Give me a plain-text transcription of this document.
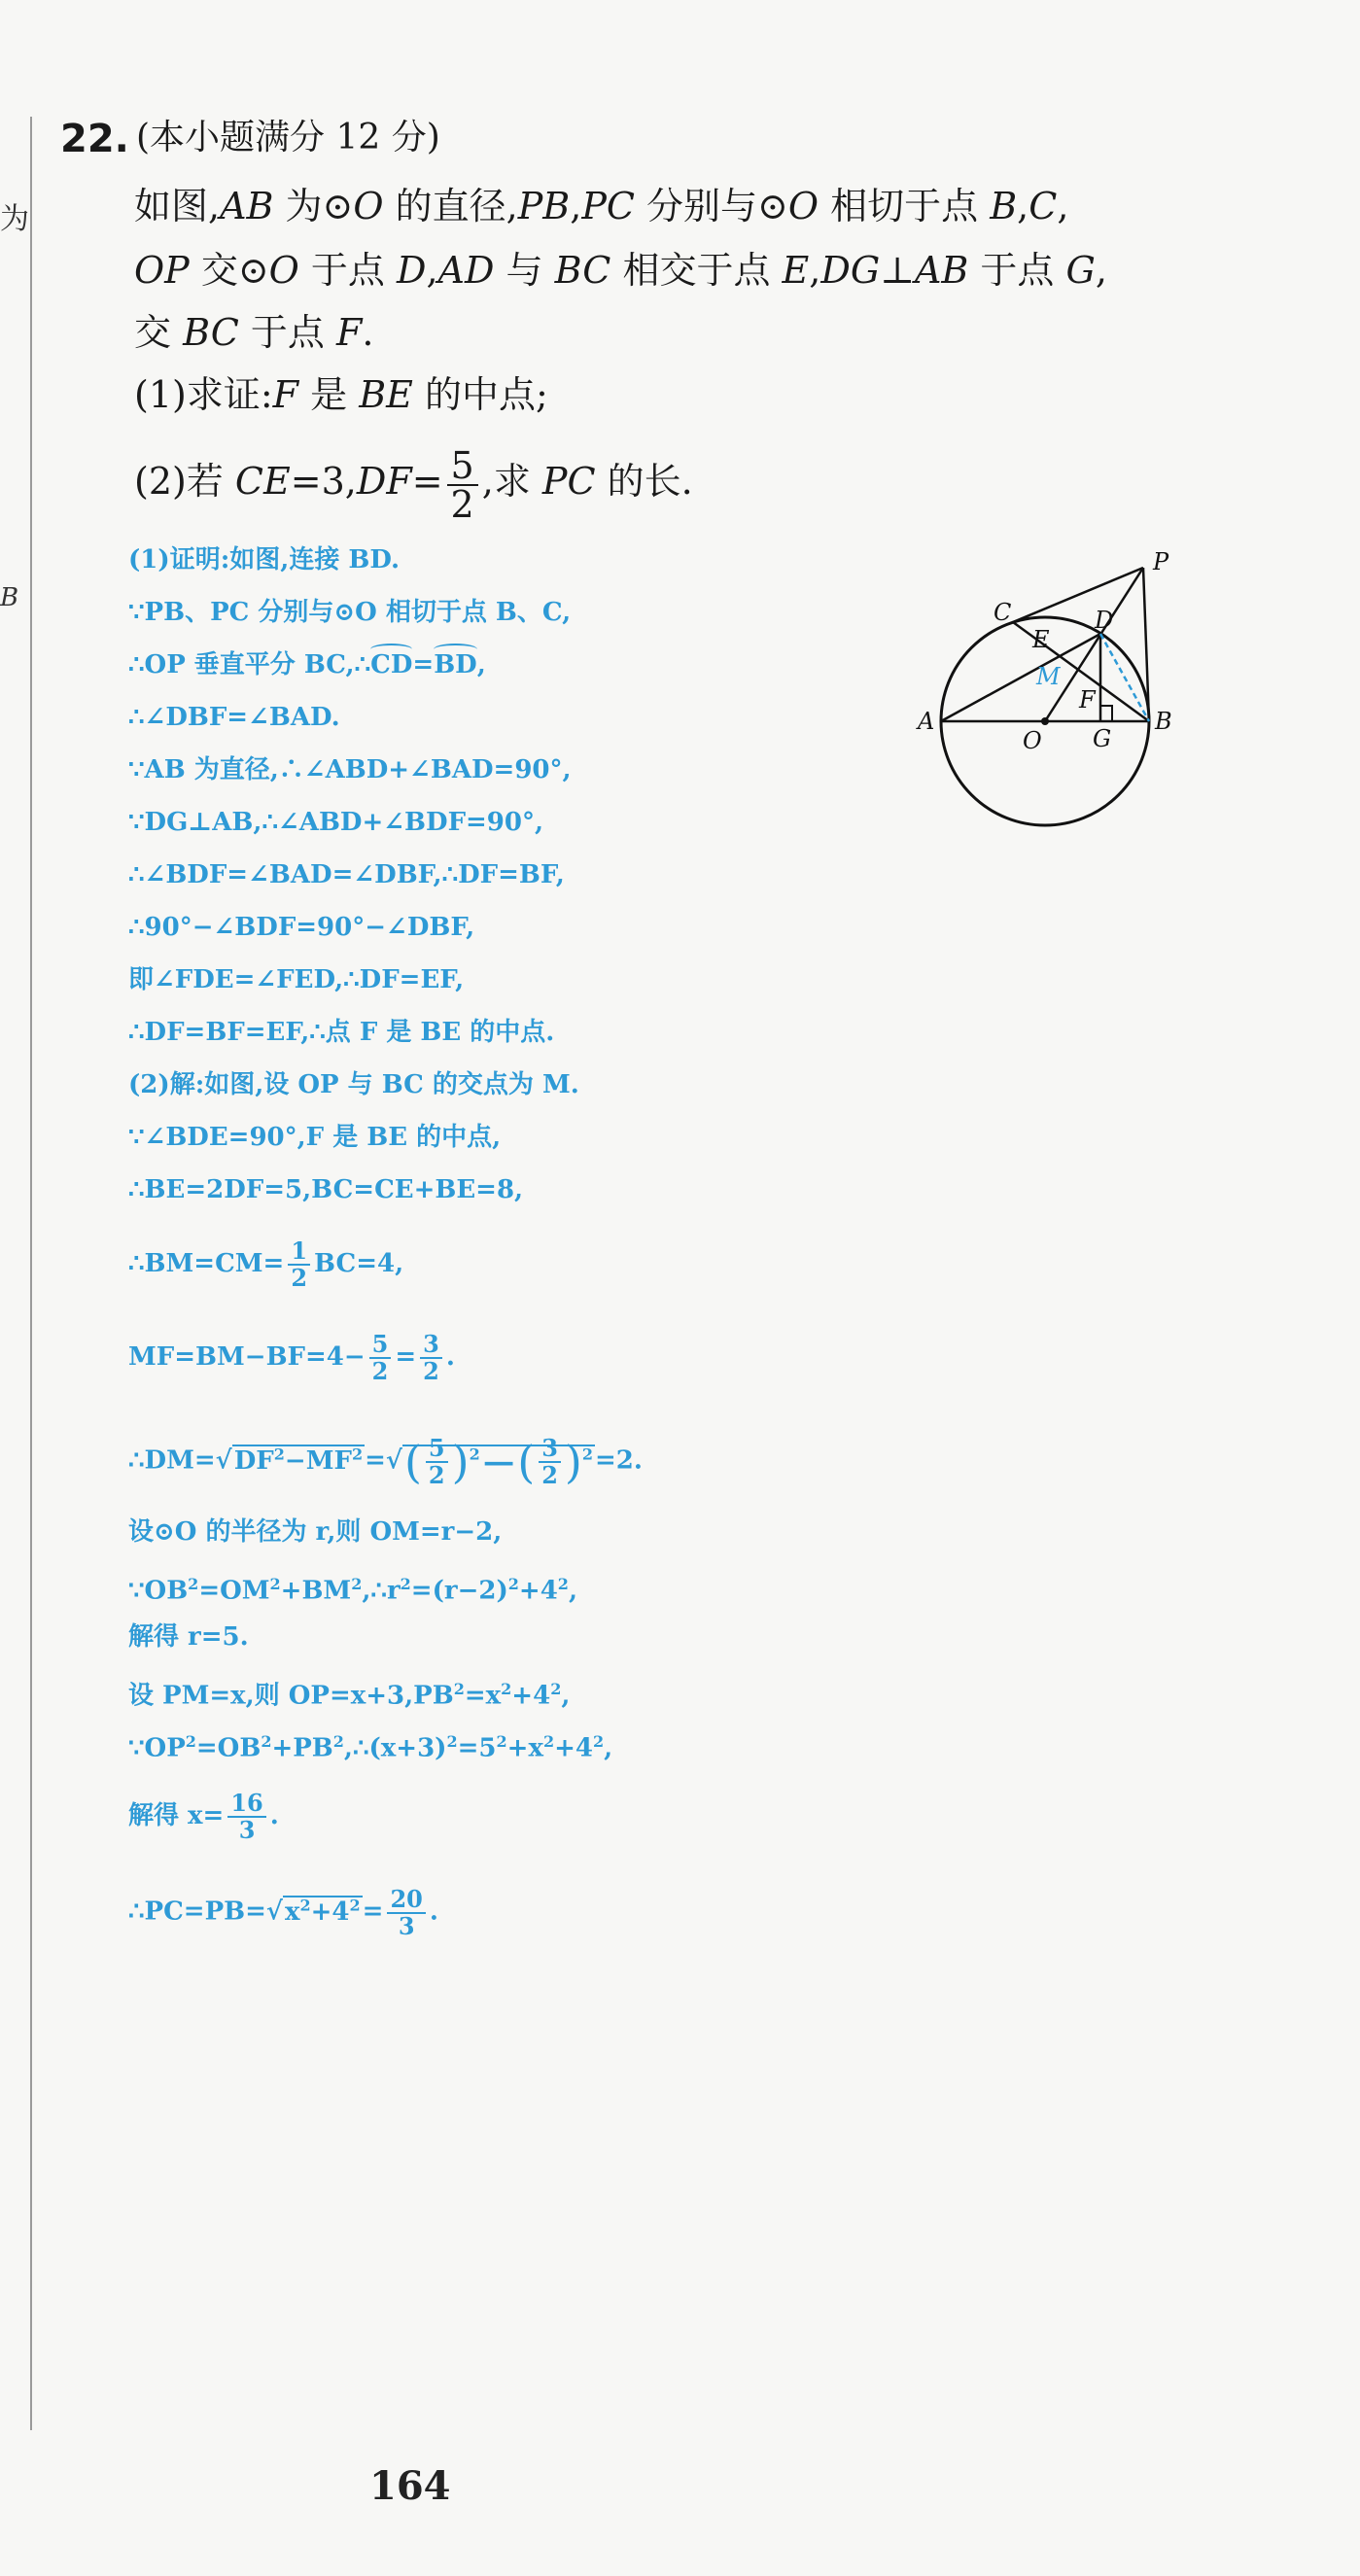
为
B
22. (本小题满分 12 分)
如图,AB 为⊙O 的直径,PB,PC 分别与⊙O 相切于点 B,C,
OP 交⊙O 于点 D,AD 与 BC 相交于点 E,DG⊥AB 于点 G,
交 BC 于点 F.
(1)求证:F 是 BE 的中点;
(2)若 $CE=3,DF= \frac{5}{2}$ ,求 PC 的长.
(1)证明:如图,连接 BD.
∵PB、PC 分别与⊙O 相切于点 B、C,
∴OP 垂直平分 BC,∴
CD=
BD,
∴∠DBF=∠BAD.
∵AB 为直径,∴∠ABD+∠BAD=90°,
∵DG⊥AB,∴∠ABD+∠BDF=90°,
∴∠BDF=∠BAD=∠DBF,∴DF=BF,
∴90°−∠BDF=90°−∠DBF,
即∠FDE=∠FED,∴DF=EF,
∴DF=BF=EF,∴点 F 是 BE 的中点.
(2)解:如图,设 OP 与 BC 的交点为 M.
∵∠BDE=90°,F 是 BE 的中点,
∴BE=2DF=5,BC=CE+BE=8,
∴BM=CM= $\frac{1}{2} BC=4$,
$MF=BM-BF=4- \frac{5}{2} = \frac{3}{2}$ .
$\therefore DM=√DF^2-MF^2=√( \frac{5}{2} )^2-( \frac{3}{2} )^2=2$.
设⊙O 的半径为 r,则 OM=r−2,
$\because OB^2=OM^2+BM^2,\therefore r^2=(r-2)^2+4^2$,
解得 r=5.
设 PM=x,则 $OP=x+3,PB^2=x^2+4^2$,
$\because OP^2=OB^2+PB^2,\therefore(x+3)^2=5^2+x^2+4^2$,
解得 $x= \frac{16}{3}$ .
$\therefore PC=PB=√x^2+4^2= \frac{20}{3}$ .
P
C	D
E
M
A
O
F
G
B
164
